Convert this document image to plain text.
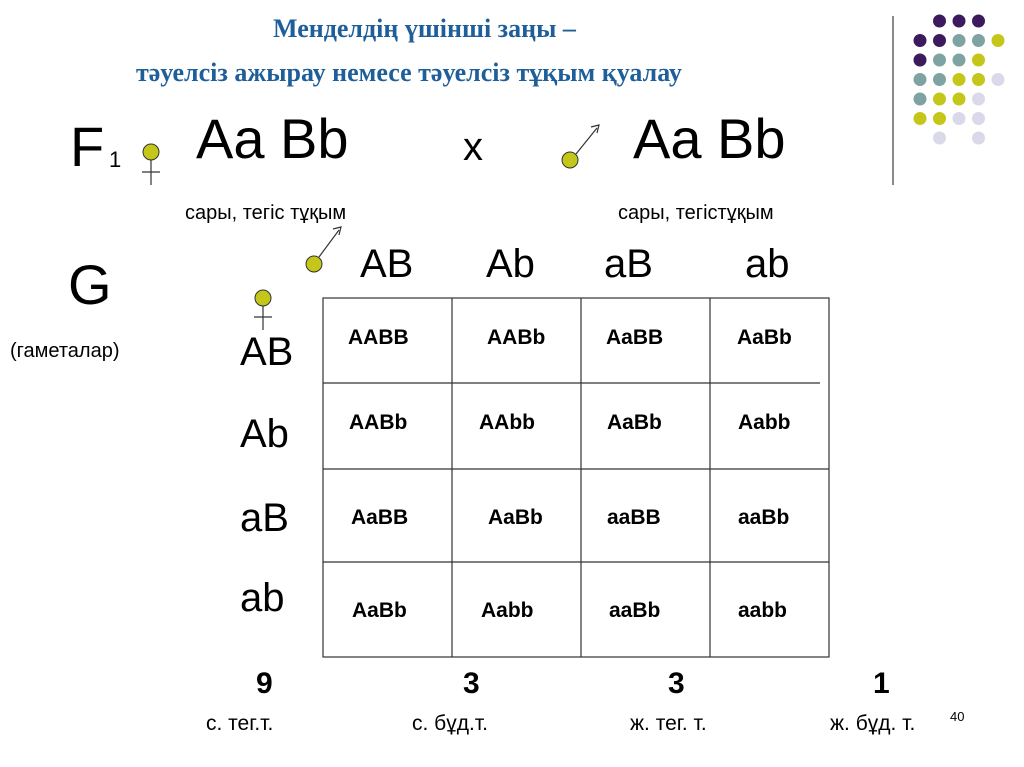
Менделдің үшінші заңы –
тәуелсіз ажырау немесе тәуелсіз тұқым қуалау
F 1 Aa Bb	x	Aa Bb
сары, тегіс тұқым	сары, тегістұқым
G
(гаметалар)
AB Ab aB ab
AB
Ab
aB
ab
AABB	AABb	AaBB	AaBb
AABb	AAbb	AaBb	Aabb
AaBB	AaBb	aaBB	aaBb
AaBb	Aabb	aaBb	aabb
9	3	3	1
с. тег.т.	с. бұд.т.	ж. тег. т.	ж. бұд. т.	40
